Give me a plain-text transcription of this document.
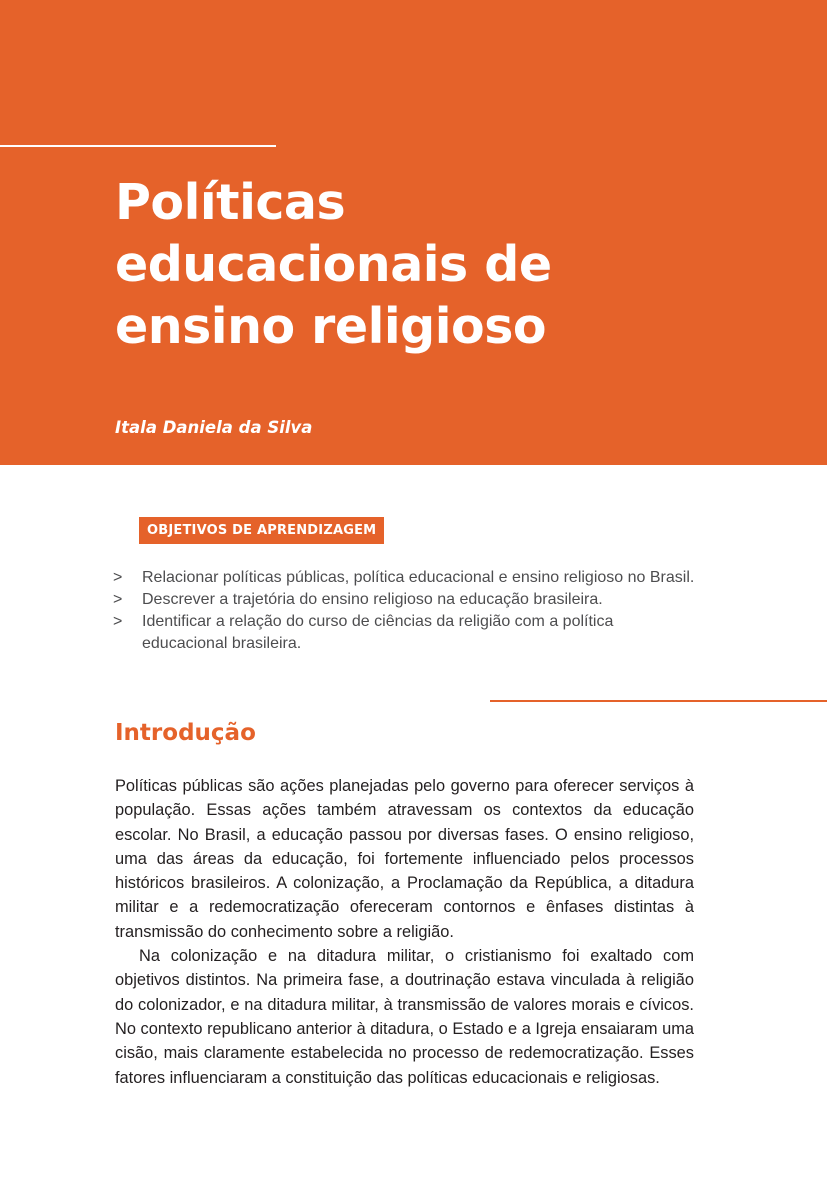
Políticas
educacionais de
ensino religioso

Itala Daniela da Silva

OBJETIVOS DE APRENDIZAGEM
> Relacionar políticas públicas, política educacional e ensino religioso no Brasil.
> Descrever a trajetória do ensino religioso na educação brasileira.
> Identificar a relação do curso de ciências da religião com a política educacional brasileira.
Introdução

Políticas públicas são ações planejadas pelo governo para oferecer serviços à população. Essas ações também atravessam os contextos da educação escolar. No Brasil, a educação passou por diversas fases. O ensino religioso, uma das áreas da educação, foi fortemente influenciado pelos processos históricos brasileiros. A colonização, a Proclamação da República, a ditadura militar e a redemocratização ofereceram contornos e ênfases distintas à transmissão do conhecimento sobre a religião.

Na colonização e na ditadura militar, o cristianismo foi exaltado com objetivos distintos. Na primeira fase, a doutrinação estava vinculada à religião do colonizador, e na ditadura militar, à transmissão de valores morais e cívicos. No contexto republicano anterior à ditadura, o Estado e a Igreja ensaiaram uma cisão, mais claramente estabelecida no processo de redemocratização. Esses fatores influenciaram a constituição das políticas educacionais e religiosas.
